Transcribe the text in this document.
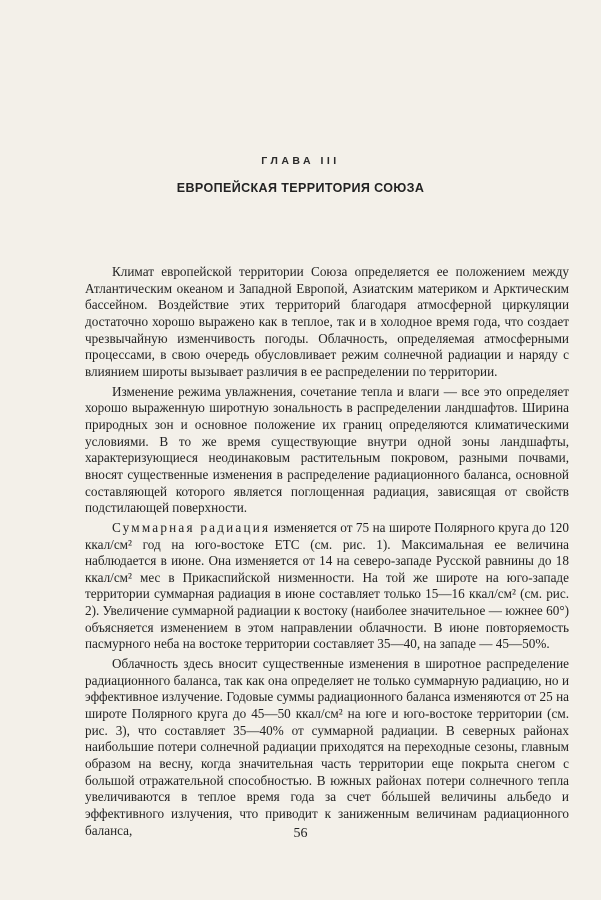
ГЛАВА III
ЕВРОПЕЙСКАЯ ТЕРРИТОРИЯ СОЮЗА

Климат европейской территории Союза определяется ее положением между Атлантическим океаном и Западной Европой, Азиатским материком и Арктическим бассейном. Воздействие этих территорий благодаря атмосферной циркуляции достаточно хорошо выражено как в теплое, так и в холодное время года, что создает чрезвычайную изменчивость погоды. Облачность, определяемая атмосферными процессами, в свою очередь обусловливает режим солнечной радиации и наряду с влиянием широты вызывает различия в ее распределении по территории.

Изменение режима увлажнения, сочетание тепла и влаги — все это определяет хорошо выраженную широтную зональность в распределении ландшафтов. Ширина природных зон и основное положение их границ определяются климатическими условиями. В то же время существующие внутри одной зоны ландшафты, характеризующиеся неодинаковым растительным покровом, разными почвами, вносят существенные изменения в распределение радиационного баланса, основной составляющей которого является поглощенная радиация, зависящая от свойств подстилающей поверхности.

Суммарная радиация изменяется от 75 на широте Полярного круга до 120 ккал/см² год на юго-востоке ЕТС (см. рис. 1). Максимальная ее величина наблюдается в июне. Она изменяется от 14 на северо-западе Русской равнины до 18 ккал/см² мес в Прикаспийской низменности. На той же широте на юго-западе территории суммарная радиация в июне составляет только 15—16 ккал/см² (см. рис. 2). Увеличение суммарной радиации к востоку (наиболее значительное — южнее 60°) объясняется изменением в этом направлении облачности. В июне повторяемость пасмурного неба на востоке территории составляет 35—40, на западе — 45—50%.

Облачность здесь вносит существенные изменения в широтное распределение радиационного баланса, так как она определяет не только суммарную радиацию, но и эффективное излучение. Годовые суммы радиационного баланса изменяются от 25 на широте Полярного круга до 45—50 ккал/см² на юге и юго-востоке территории (см. рис. 3), что составляет 35—40% от суммарной радиации. В северных районах наибольшие потери солнечной радиации приходятся на переходные сезоны, главным образом на весну, когда значительная часть территории еще покрыта снегом с большой отражательной способностью. В южных районах потери солнечного тепла увеличиваются в теплое время года за счет бóльшей величины альбедо и эффективного излучения, что приводит к заниженным величинам радиационного баланса,	56
